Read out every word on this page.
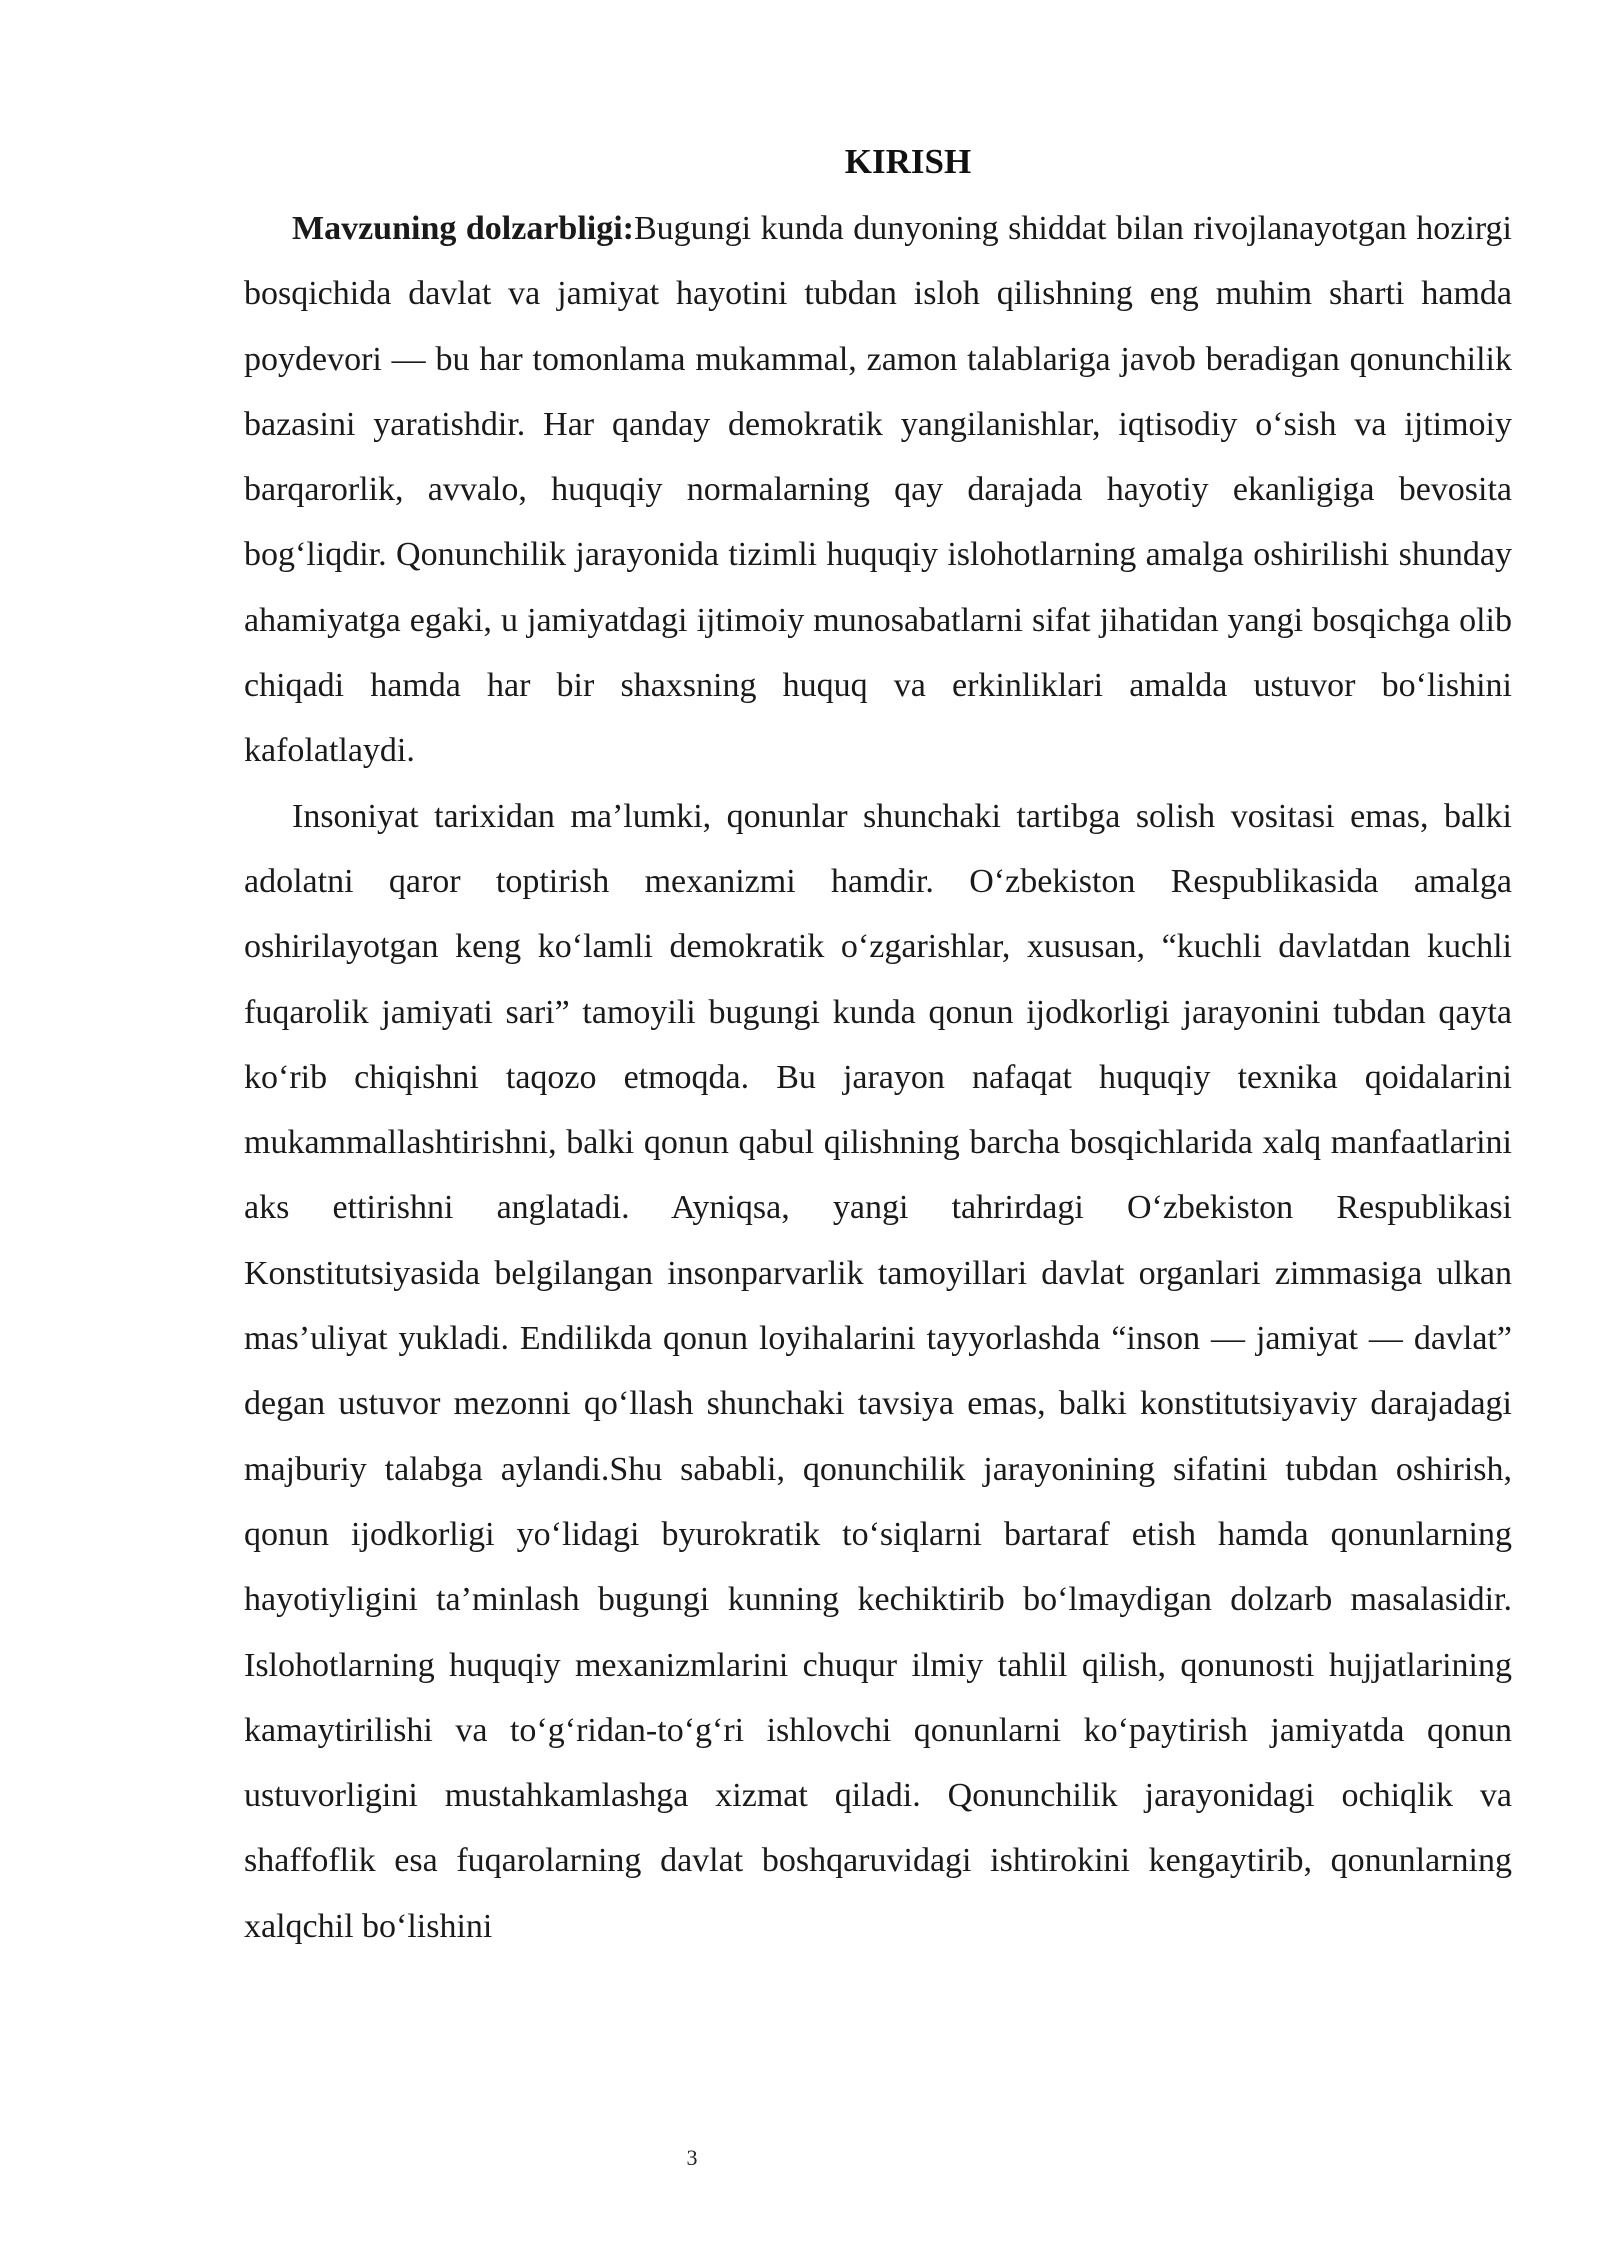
KIRISH

Mavzuning dolzarbligi:Bugungi kunda dunyoning shiddat bilan rivojlanayotgan hozirgi bosqichida davlat va jamiyat hayotini tubdan isloh qilishning eng muhim sharti hamda poydevori — bu har tomonlama mukammal, zamon talablariga javob beradigan qonunchilik bazasini yaratishdir. Har qanday demokratik yangilanishlar, iqtisodiy o‘sish va ijtimoiy barqarorlik, avvalo, huquqiy normalarning qay darajada hayotiy ekanligiga bevosita bog‘liqdir. Qonunchilik jarayonida tizimli huquqiy islohotlarning amalga oshirilishi shunday ahamiyatga egaki, u jamiyatdagi ijtimoiy munosabatlarni sifat jihatidan yangi bosqichga olib chiqadi hamda har bir shaxsning huquq va erkinliklari amalda ustuvor bo‘lishini kafolatlaydi.

Insoniyat tarixidan ma’lumki, qonunlar shunchaki tartibga solish vositasi emas, balki adolatni qaror toptirish mexanizmi hamdir. O‘zbekiston Respublikasida amalga oshirilayotgan keng ko‘lamli demokratik o‘zgarishlar, xususan, “kuchli davlatdan kuchli fuqarolik jamiyati sari” tamoyili bugungi kunda qonun ijodkorligi jarayonini tubdan qayta ko‘rib chiqishni taqozo etmoqda. Bu jarayon nafaqat huquqiy texnika qoidalarini mukammallashtirishni, balki qonun qabul qilishning barcha bosqichlarida xalq manfaatlarini aks ettirishni anglatadi. Ayniqsa, yangi tahrirdagi O‘zbekiston Respublikasi Konstitutsiyasida belgilangan insonparvarlik tamoyillari davlat organlari zimmasiga ulkan mas’uliyat yukladi. Endilikda qonun loyihalarini tayyorlashda “inson — jamiyat — davlat” degan ustuvor mezonni qo‘llash shunchaki tavsiya emas, balki konstitutsiyaviy darajadagi majburiy talabga aylandi.Shu sababli, qonunchilik jarayonining sifatini tubdan oshirish, qonun ijodkorligi yo‘lidagi byurokratik to‘siqlarni bartaraf etish hamda qonunlarning hayotiyligini ta’minlash bugungi kunning kechiktirib bo‘lmaydigan dolzarb masalasidir. Islohotlarning huquqiy mexanizmlarini chuqur ilmiy tahlil qilish, qonunosti hujjatlarining kamaytirilishi va to‘g‘ridan-to‘g‘ri ishlovchi qonunlarni ko‘paytirish jamiyatda qonun ustuvorligini mustahkamlashga xizmat qiladi. Qonunchilik jarayonidagi ochiqlik va shaffoflik esa fuqarolarning davlat boshqaruvidagi ishtirokini kengaytirib, qonunlarning xalqchil bo‘lishini

3
